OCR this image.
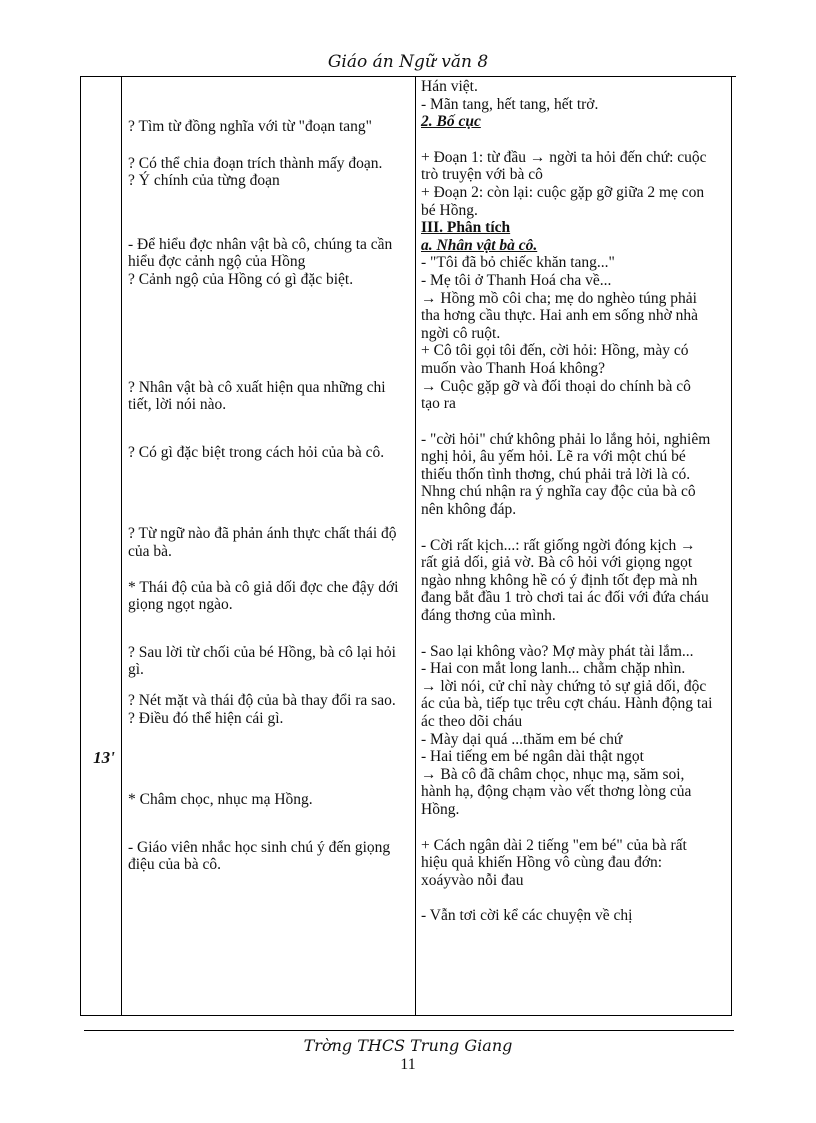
Giáo án Ngữ văn 8
13'

? Tìm từ đồng nghĩa với từ "đoạn tang"

? Có thể chia đoạn trích thành mấy đoạn.

? Ý chính của từng đoạn

- Để hiểu đợc nhân vật bà cô, chúng ta cần hiểu đợc cảnh ngộ của Hồng

? Cảnh ngộ của Hồng có gì đặc biệt.

? Nhân vật bà cô xuất hiện qua những chi tiết, lời nói nào.

? Có gì đặc biệt trong cách hỏi của bà cô.

? Từ ngữ nào đã phản ánh thực chất thái độ của bà.

* Thái độ của bà cô giả dối đợc che đậy dới giọng ngọt ngào.

? Sau lời từ chối của bé Hồng, bà cô lại hỏi gì.

? Nét mặt và thái độ của bà thay đổi ra sao.

? Điều đó thể hiện cái gì.

* Châm chọc, nhục mạ Hồng.

- Giáo viên nhắc học sinh chú ý đến giọng điệu của bà cô.

Hán việt.

- Mãn tang, hết tang, hết trở.

2. Bố cục

+ Đoạn 1: từ đầu → ngời ta hỏi đến chứ: cuộc trò truyện với bà cô

+ Đoạn 2: còn lại: cuộc gặp gỡ giữa 2 mẹ con bé Hồng.

III. Phân tích

a. Nhân vật bà cô.

- "Tôi đã bỏ chiếc khăn tang..."

- Mẹ tôi ở Thanh Hoá cha về...

→ Hồng mồ côi cha; mẹ do nghèo túng phải tha hơng cầu thực. Hai anh em sống nhờ nhà ngời cô ruột.

+ Cô tôi gọi tôi đến, cời hỏi: Hồng, mày có muốn vào Thanh Hoá không?

→ Cuộc gặp gỡ và đối thoại do chính bà cô tạo ra

- "cời hỏi" chứ không phải lo lắng hỏi, nghiêm nghị hỏi, âu yếm hỏi. Lẽ ra với một chú bé thiếu thốn tình thơng, chú phải trả lời là có. Nhng chú nhận ra ý nghĩa cay độc của bà cô nên không đáp.

- Cời rất kịch...: rất giống ngời đóng kịch → rất giả dối, giả vờ. Bà cô hỏi với giọng ngọt ngào nhng không hề có ý định tốt đẹp mà nh đang bắt đầu 1 trò chơi tai ác đối với đứa cháu đáng thơng của mình.

- Sao lại không vào? Mợ mày phát tài lắm...

- Hai con mắt long lanh... chằm chặp nhìn.

→ lời nói, cử chỉ này chứng tỏ sự giả dối, độc ác của bà, tiếp tục trêu cợt cháu. Hành động tai ác theo dõi cháu

- Mày dại quá ...thăm em bé chứ

- Hai tiếng em bé ngân dài thật ngọt

→ Bà cô đã châm chọc, nhục mạ, săm soi, hành hạ, động chạm vào vết thơng lòng của Hồng.

+ Cách ngân dài 2 tiếng "em bé" của bà rất hiệu quả khiến Hồng vô cùng đau đớn: xoáyvào nỗi đau

- Vẫn tơi cời kể các chuyện về chị

Trờng THCS Trung Giang
11
